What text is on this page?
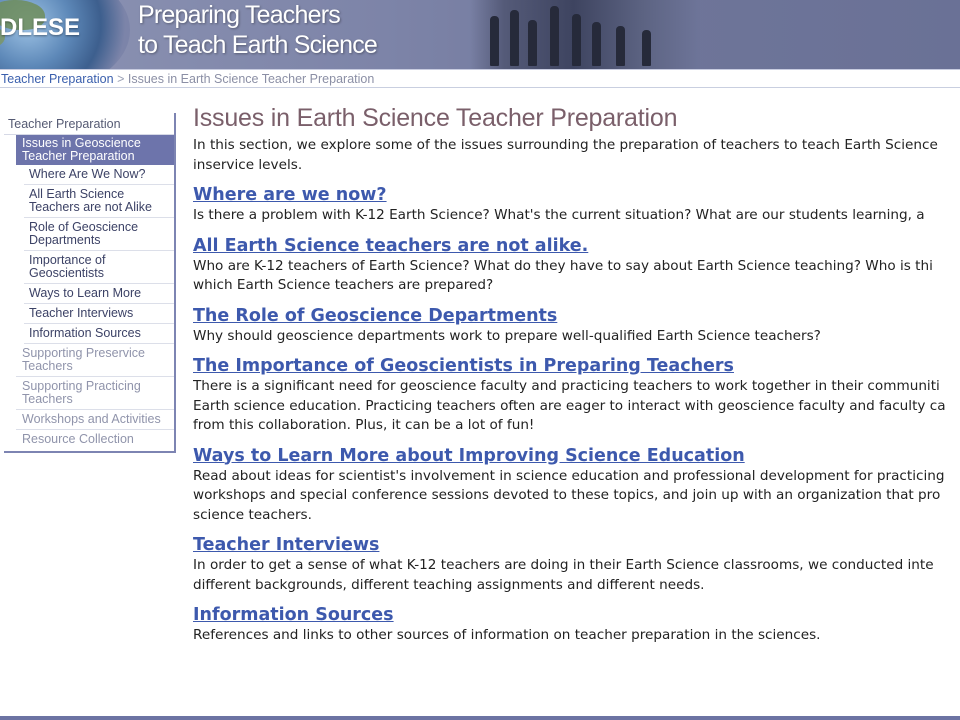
DLESE Preparing Teachers
to Teach Earth Science
Teacher Preparation > Issues in Earth Science Teacher Preparation
Teacher Preparation
Issues in Geoscience Teacher Preparation
Where Are We Now?
All Earth Science Teachers are not Alike
Role of Geoscience Departments
Importance of Geoscientists
Ways to Learn More
Teacher Interviews
Information Sources
Supporting Preservice Teachers
Supporting Practicing Teachers
Workshops and Activities
Resource Collection
Issues in Earth Science Teacher Preparation

In this section, we explore some of the issues surrounding the preparation of teachers to teach Earth Science

inservice levels.

Where are we now?

Is there a problem with K-12 Earth Science? What's the current situation? What are our students learning, a

All Earth Science teachers are not alike.

Who are K-12 teachers of Earth Science? What do they have to say about Earth Science teaching? Who is thi

which Earth Science teachers are prepared?

The Role of Geoscience Departments

Why should geoscience departments work to prepare well-qualified Earth Science teachers?

The Importance of Geoscientists in Preparing Teachers

There is a significant need for geoscience faculty and practicing teachers to work together in their communiti

Earth science education. Practicing teachers often are eager to interact with geoscience faculty and faculty ca

from this collaboration. Plus, it can be a lot of fun!

Ways to Learn More about Improving Science Education

Read about ideas for scientist's involvement in science education and professional development for practicing

workshops and special conference sessions devoted to these topics, and join up with an organization that pro

science teachers.

Teacher Interviews

In order to get a sense of what K-12 teachers are doing in their Earth Science classrooms, we conducted inte

different backgrounds, different teaching assignments and different needs.

Information Sources

References and links to other sources of information on teacher preparation in the sciences.
